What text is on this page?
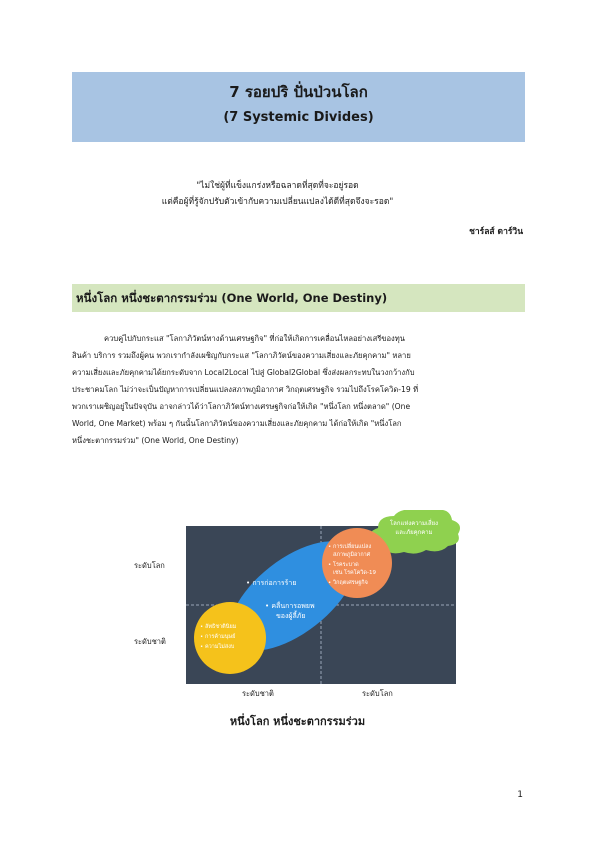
7 รอยปริ ปั่นป่วนโลก
(7 Systemic Divides)
"ไม่ใช่ผู้ที่แข็งแกร่งหรือฉลาดที่สุดที่จะอยู่รอด
แต่คือผู้ที่รู้จักปรับตัวเข้ากับความเปลี่ยนแปลงได้ดีที่สุดจึงจะรอด"
ชาร์ลส์ ดาร์วิน
หนึ่งโลก หนึ่งชะตากรรมร่วม (One World, One Destiny)
ควบคู่ไปกับกระแส "โลกาภิวัตน์ทางด้านเศรษฐกิจ" ที่ก่อให้เกิดการเคลื่อนไหลอย่างเสรีของทุน
สินค้า บริการ รวมถึงผู้คน พวกเรากำลังเผชิญกับกระแส "โลกาภิวัตน์ของความเสี่ยงและภัยคุกคาม" หลาย
ความเสี่ยงและภัยคุกคามได้ยกระดับจาก Local2Local ไปสู่ Global2Global ซึ่งส่งผลกระทบในวงกว้างกับ
ประชาคมโลก ไม่ว่าจะเป็นปัญหาการเปลี่ยนแปลงสภาพภูมิอากาศ วิกฤตเศรษฐกิจ รวมไปถึงโรคโควิด-19 ที่
พวกเราเผชิญอยู่ในปัจจุบัน อาจกล่าวได้ว่าโลกาภิวัตน์ทางเศรษฐกิจก่อให้เกิด "หนึ่งโลก หนึ่งตลาด" (One
World, One Market) พร้อม ๆ กันนั้นโลกาภิวัตน์ของความเสี่ยงและภัยคุกคาม ได้ก่อให้เกิด "หนึ่งโลก
หนึ่งชะตากรรมร่วม" (One World, One Destiny)
โลกแห่งความเสี่ยง
และภัยคุกคาม
• การก่อการร้าย
• คลื่นการอพยพ
ของผู้ลี้ภัย
• การเปลี่ยนแปลง
สภาพภูมิอากาศ
• โรคระบาด
เช่น โรคโควิด-19
• วิกฤตเศรษฐกิจ
• ลัทธิชาตินิยม
• การค้ามนุษย์
• ความไม่สงบ
ระดับโลก
ระดับชาติ
ระดับชาติ	ระดับโลก
หนึ่งโลก หนึ่งชะตากรรมร่วม
1
